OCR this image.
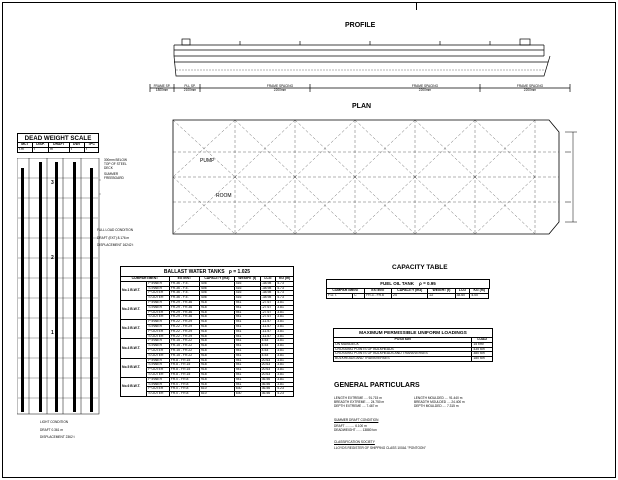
PROFILE
FRAME SP.
1800mm
PLL SP.
2100mm
FRAME SPACING
2200mm
FRAME SPACING
2200mm
FRAME SPACING
2200mm
PLAN
PUMP
ROOM
DEAD WEIGHT SCALE
MCT	DISP.	DRAFT	DWT	TPC
t.m	t	m	t	t
3
2
1
300mm BELOW TOP OF STEEL DECK
SUMMER FREEBOARD
FULL LOAD CONDITION
DRAFT (EXT) 8.176 m
DISPLACEMENT 16242 t
LIGHT CONDITION
DRAFT 0.361 m
DISPLACEMENT 2362 t
BALLAST WATER TANKS ρ = 1.025
COMPARTMENT		EXTENT	CAPACITY (m3)	WEIGHT (t)	LCG	KG (m)
No.1 B.W.T.	P INNER	FR.36 - F.E.	406	416	-38.98	4.73
	S INNER	FR.36 - F.E.	406	416	-38.98	4.73
	P OUTER	FR.36 - F.E.	406	416	-38.98	4.73
	S OUTER	FR.36 - F.E.	406	416	-38.98	4.73
No.2 B.W.T.	P INNER	FR.29 - FR.36	918	941	-27.67	3.81
	S INNER	FR.29 - FR.36	918	941	-27.67	3.81
	P OUTER	FR.29 - FR.36	918	941	-27.67	3.81
	S OUTER	FR.29 - FR.36	918	941	-27.67	3.81
No.3 B.W.T.	P INNER	FR.22 - FR.29	918	941	-11.57	3.81
	S INNER	FR.22 - FR.29	918	941	-11.57	3.81
	P OUTER	FR.22 - FR.29	918	941	-11.57	3.81
	S OUTER	FR.22 - FR.29	918	941	-11.57	3.81
No.4 B.W.T.	P INNER	FR.15 - FR.22	918	941	4.53	3.81
	S INNER	FR.15 - FR.22	918	941	4.53	3.81
	P OUTER	FR.15 - FR.22	918	941	4.53	3.81
	S OUTER	FR.15 - FR.22	918	941	4.53	3.81
No.5 B.W.T.	P INNER	FR.8 - FR.15	918	941	20.63	3.81
	S INNER	FR.8 - FR.15	918	941	20.63	3.81
	P OUTER	FR.8 - FR.15	918	941	20.63	3.81
	S OUTER	FR.8 - FR.15	918	941	20.63	3.81
No.6 B.W.T.	P INNER	FR.0 - FR.8	918	941	36.56	3.81
	S INNER	FR.0 - FR.8	918	941	36.56	3.81
	P OUTER	FR.0 - FR.8	610	630	36.56	4.23
	S OUTER	FR.0 - FR.8	610	630	36.56	4.23
CAPACITY TABLE
FUEL OIL TANK ρ = 0.95
COMPARTMENT		EXTENT	CAPACITY (m3)	WEIGHT (t)	LCG	KG (m)
F.O.T.	C	FR.3 - FR.6	24	22	38.60	4.00
MAXIMUM PERMISSIBLE UNIFORM LOADINGS
POSITION	LOAD
ON MAINDECK	15 t/m²
CROSSING POINTS OF BULKHEADS	435 ton
CROSSING POINTS OF BULKHEADS AND TRANSVERSES	380 ton
BULKHEADS AND TRANSVERSES	180 ton
GENERAL PARTICULARS
LENGTH EXTREME .... 91.715 m
BREADTH EXTREME .... 24.750 m
DEPTH EXTREME .... 7.467 m
LENGTH MOULDED .... 91.440 m
BREADTH MOULDED .... 24.400 m
DEPTH MOULDED .... 7.315 m
SUMMER DRAFT CONDITION
DRAFT .......... 6.100 m
DEADWEIGHT ...... 13880 ton
CLASSIFICATION SOCIETY
LLOYDS REGISTER OF SHIPPING CLASS 100A1 "PONTOON"
